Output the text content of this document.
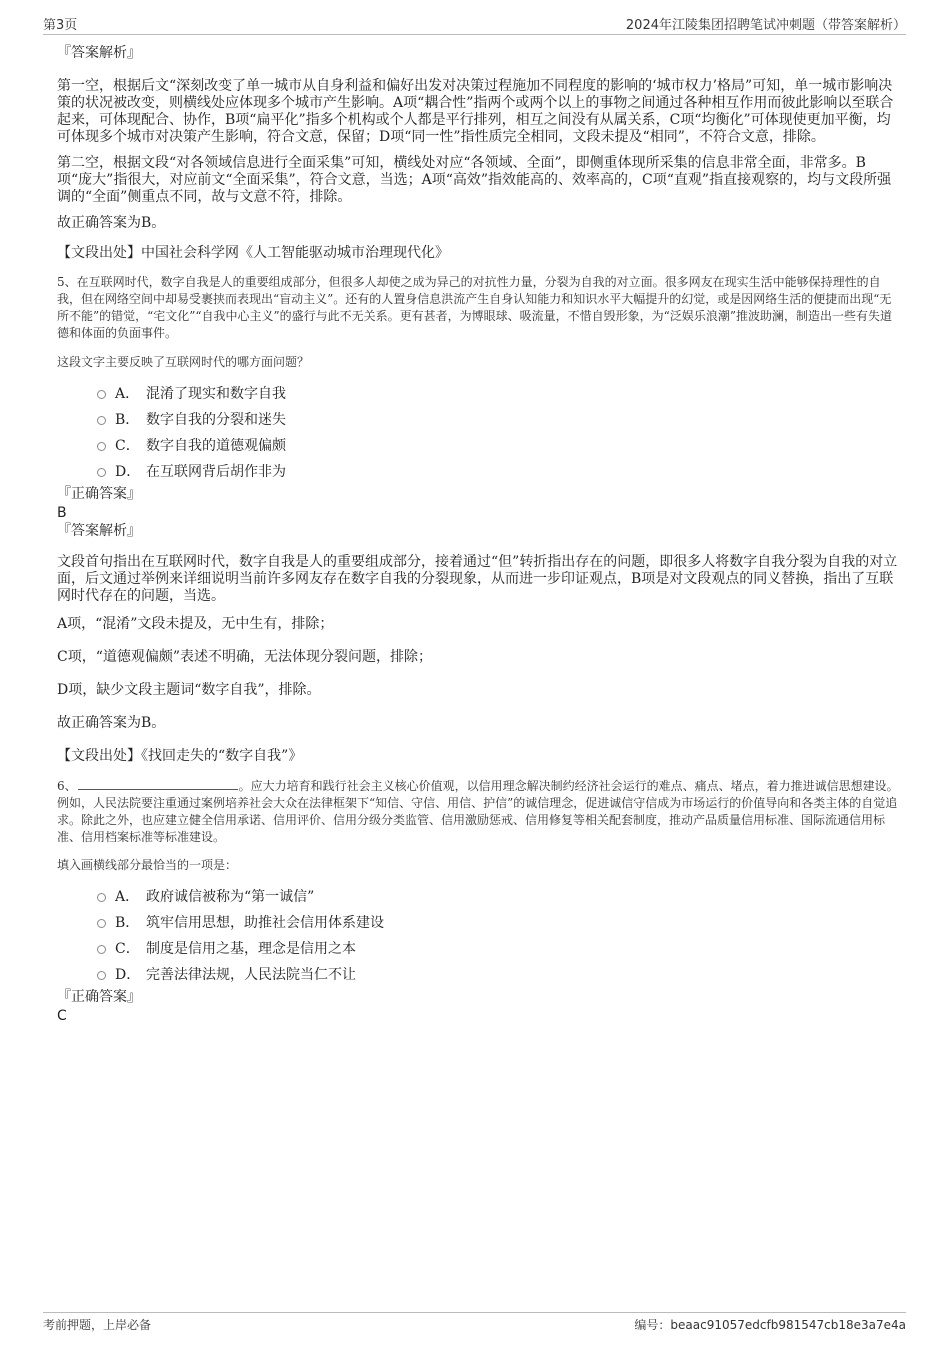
第3页	2024年江陵集团招聘笔试冲刺题（带答案解析）

『答案解析』

第一空，根据后文“深刻改变了单一城市从自身利益和偏好出发对决策过程施加不同程度的影响的‘城市权力’格局”可知，单一城市影响决策的状况被改变，则横线处应体现多个城市产生影响。A项“耦合性”指两个或两个以上的事物之间通过各种相互作用而彼此影响以至联合起来，可体现配合、协作，B项“扁平化”指多个机构或个人都是平行排列，相互之间没有从属关系，C项“均衡化”可体现使更加平衡，均可体现多个城市对决策产生影响，符合文意，保留；D项“同一性”指性质完全相同，文段未提及“相同”，不符合文意，排除。

第二空，根据文段“对各领域信息进行全面采集”可知，横线处对应“各领域、全面”，即侧重体现所采集的信息非常全面，非常多。B项“庞大”指很大，对应前文“全面采集”，符合文意，当选；A项“高效”指效能高的、效率高的，C项“直观”指直接观察的，均与文段所强调的“全面”侧重点不同，故与文意不符，排除。

故正确答案为B。

【文段出处】中国社会科学网《人工智能驱动城市治理现代化》

5、在互联网时代，数字自我是人的重要组成部分，但很多人却使之成为异己的对抗性力量，分裂为自我的对立面。很多网友在现实生活中能够保持理性的自我，但在网络空间中却易受裹挟而表现出“盲动主义”。还有的人置身信息洪流产生自身认知能力和知识水平大幅提升的幻觉，或是因网络生活的便捷而出现“无所不能”的错觉，“宅文化”“自我中心主义”的盛行与此不无关系。更有甚者，为博眼球、吸流量，不惜自毁形象，为“泛娱乐浪潮”推波助澜，制造出一些有失道德和体面的负面事件。

这段文字主要反映了互联网时代的哪方面问题？

A． 混淆了现实和数字自我
B． 数字自我的分裂和迷失
C． 数字自我的道德观偏颇
D． 在互联网背后胡作非为

『正确答案』

B

『答案解析』

文段首句指出在互联网时代，数字自我是人的重要组成部分，接着通过“但”转折指出存在的问题，即很多人将数字自我分裂为自我的对立面，后文通过举例来详细说明当前许多网友存在数字自我的分裂现象，从而进一步印证观点，B项是对文段观点的同义替换，指出了互联网时代存在的问题，当选。

A项，“混淆”文段未提及，无中生有，排除；

C项，“道德观偏颇”表述不明确，无法体现分裂问题，排除；

D项，缺少文段主题词“数字自我”，排除。

故正确答案为B。

【文段出处】《找回走失的“数字自我”》

6、	。应大力培育和践行社会主义核心价值观，以信用理念解决制约经济社会运行的难点、痛点、堵点，着力推进诚信思想建设。例如，人民法院要注重通过案例培养社会大众在法律框架下“知信、守信、用信、护信”的诚信理念，促进诚信守信成为市场运行的价值导向和各类主体的自觉追求。除此之外，也应建立健全信用承诺、信用评价、信用分级分类监管、信用激励惩戒、信用修复等相关配套制度，推动产品质量信用标准、国际流通信用标准、信用档案标准等标准建设。

填入画横线部分最恰当的一项是：

A． 政府诚信被称为“第一诚信”
B． 筑牢信用思想，助推社会信用体系建设
C． 制度是信用之基，理念是信用之本
D． 完善法律法规，人民法院当仁不让

『正确答案』

C

考前押题，上岸必备	编号：beaac91057edcfb981547cb18e3a7e4a
